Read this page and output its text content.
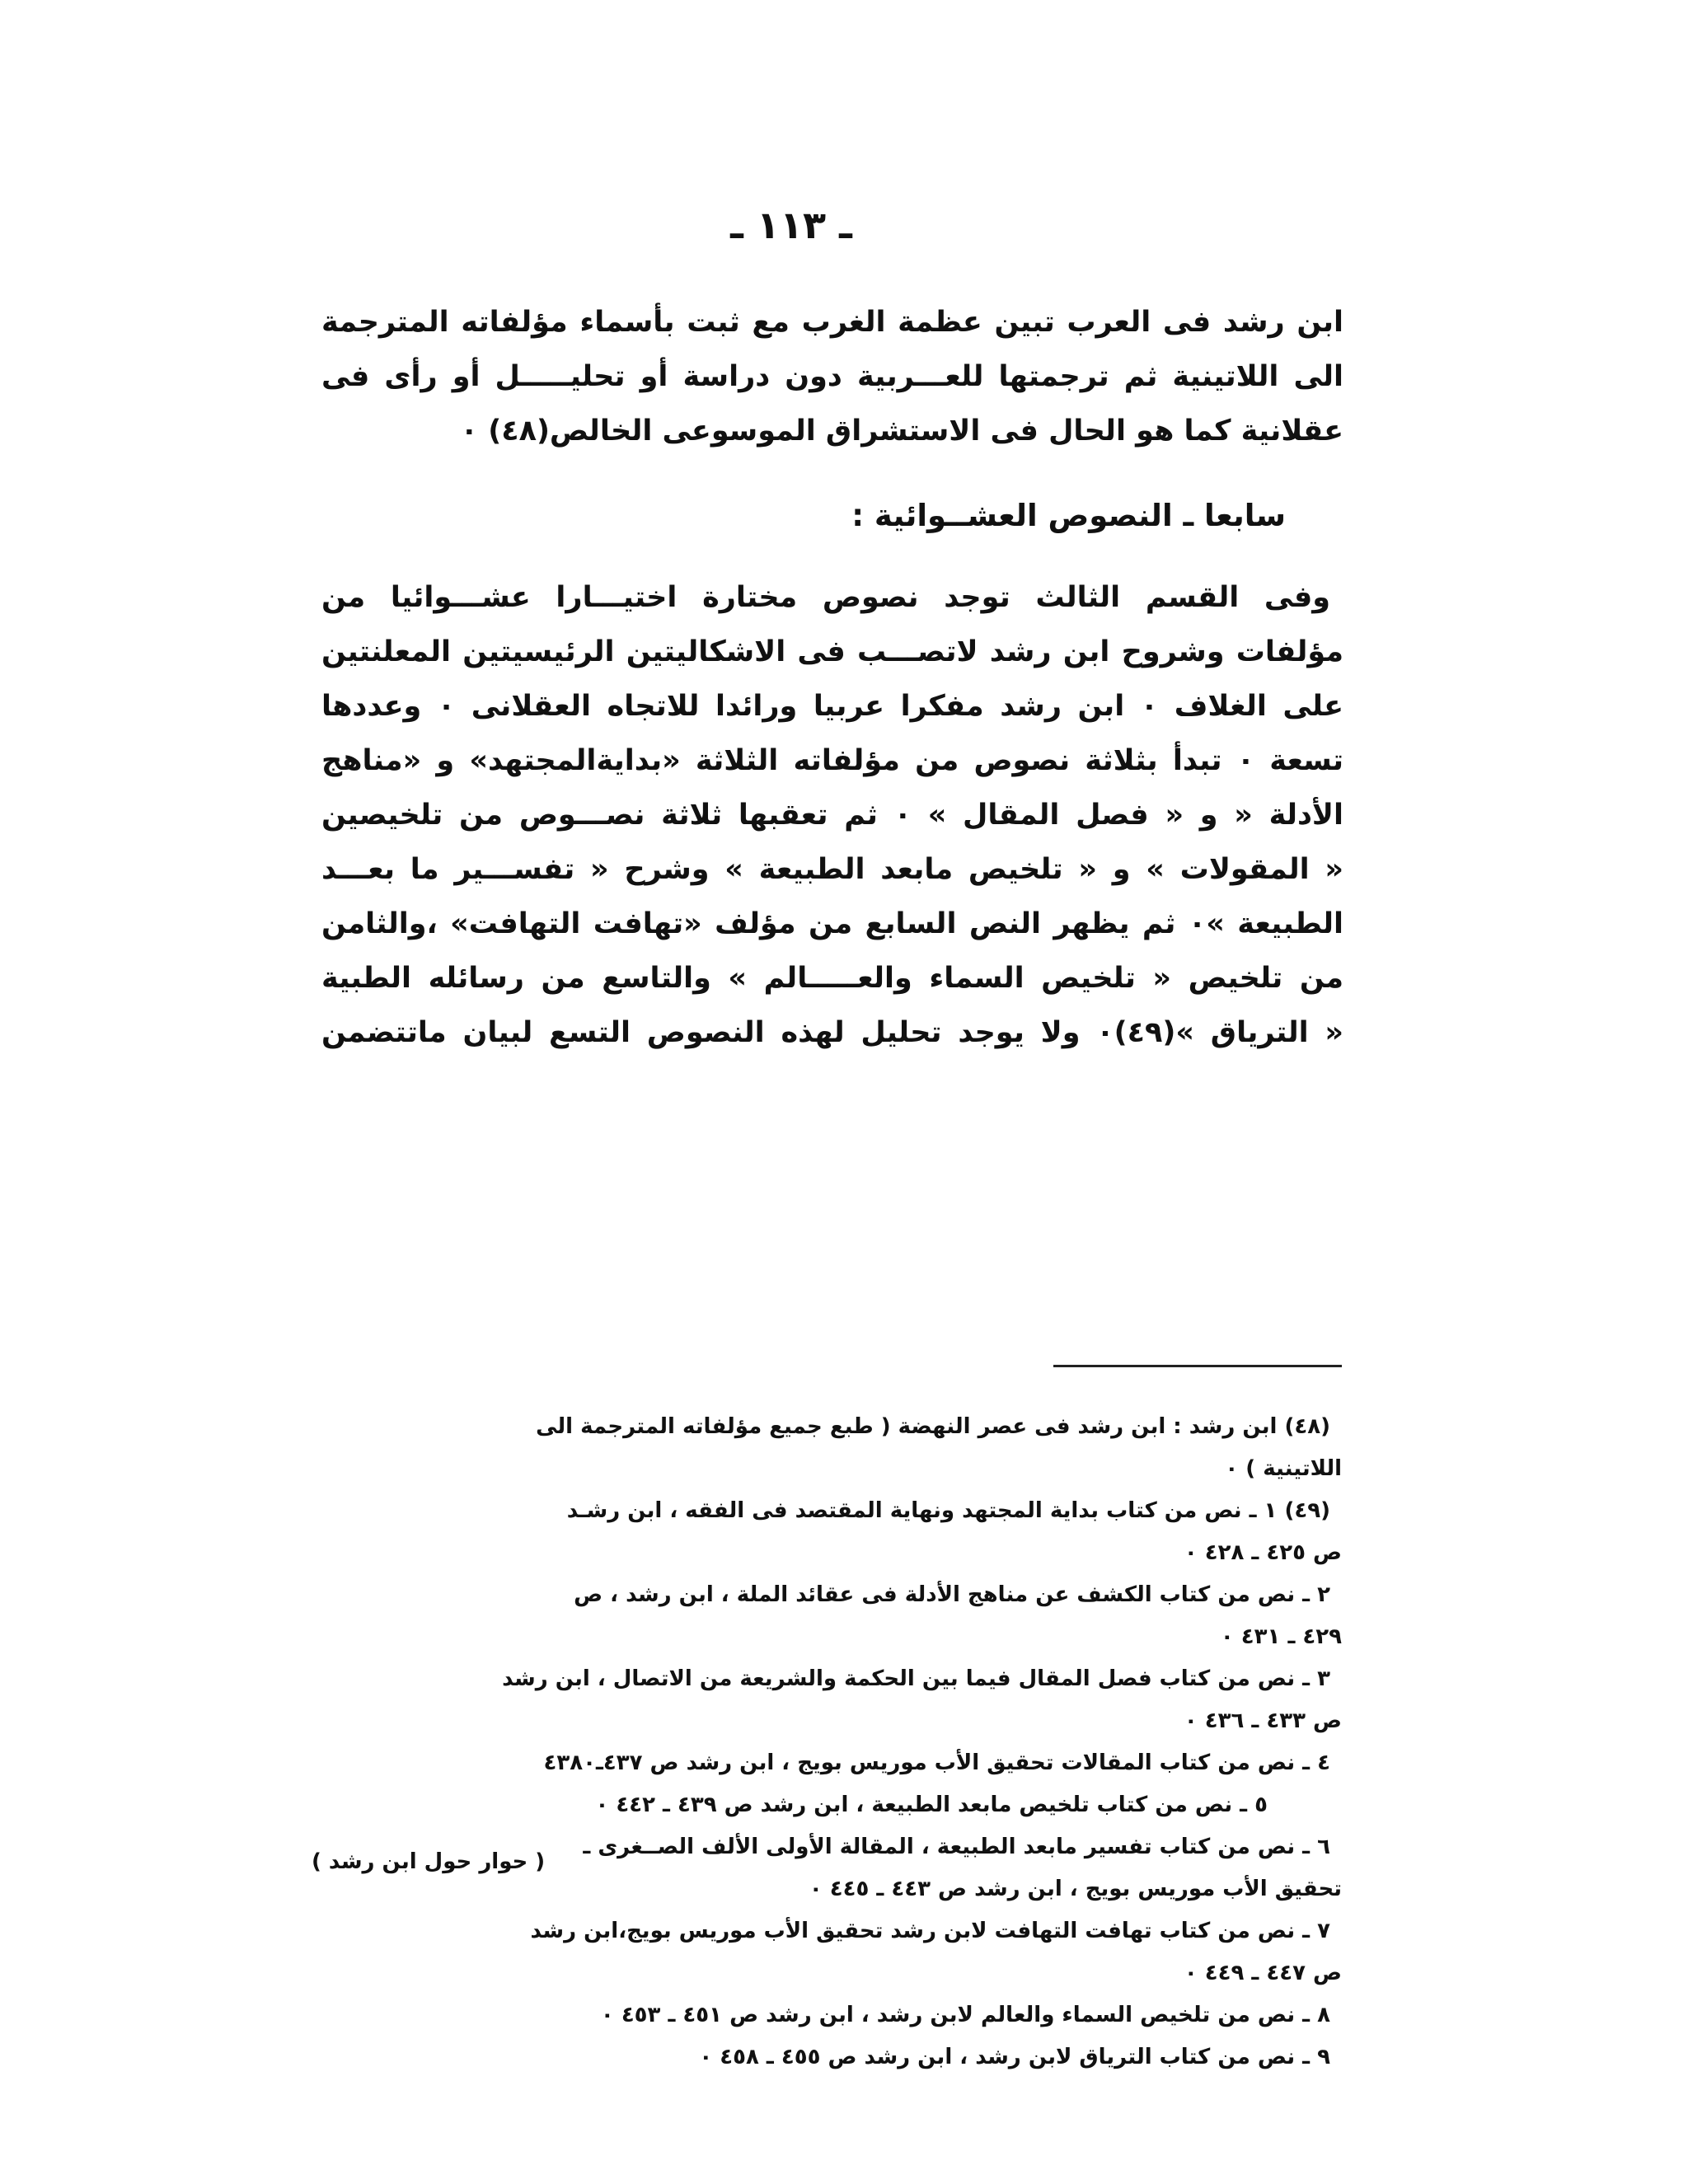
ـ ١١٣ ـ
ابن رشد فى العرب تبين عظمة الغرب مع ثبت بأسماء مؤلفاته المترجمة
الى اللاتينية ثم ترجمتها للعـــربية دون دراسة أو تحليـــــل أو رأى فى
عقلانية كما هو الحال فى الاستشراق الموسوعى الخالص(٤٨) ٠
سابعا ـ النصوص العشــوائية :
وفى القسم الثالث توجد نصوص مختارة اختيـــارا عشـــوائيا من
مؤلفات وشروح ابن رشد لاتصـــب فى الاشكاليتين الرئيسيتين المعلنتين
على الغلاف ٠ ابن رشد مفكرا عربيا ورائدا للاتجاه العقلانى ٠ وعددها
تسعة ٠ تبدأ بثلاثة نصوص من مؤلفاته الثلاثة «بدايةالمجتهد» و «مناهج
الأدلة « و « فصل المقال » ٠ ثم تعقبها ثلاثة نصـــوص من تلخيصين
« المقولات » و « تلخيص مابعد الطبيعة » وشرح « تفســـير ما بعـــد
الطبيعة »٠ ثم يظهر النص السابع من مؤلف «تهافت التهافت» ،والثامن
من تلخيص « تلخيص السماء والعـــــالم » والتاسع من رسائله الطبية
« الترياق »(٤٩)٠ ولا يوجد تحليل لهذه النصوص التسع لبيان ماتتضمن
(٤٨) ابن رشد : ابن رشد فى عصر النهضة ( طبع جميع مؤلفاته المترجمة الى
اللاتينية ) ٠
(٤٩) ١ ـ نص من كتاب بداية المجتهد ونهاية المقتصد فى الفقه ، ابن رشـد
ص ٤٢٥ ـ ٤٢٨ ٠
٢ ـ نص من كتاب الكشف عن مناهج الأدلة فى عقائد الملة ، ابن رشد ، ص
٤٢٩ ـ ٤٣١ ٠
٣ ـ نص من كتاب فصل المقال فيما بين الحكمة والشريعة من الاتصال ، ابن رشد
ص ٤٣٣ ـ ٤٣٦ ٠
٤ ـ نص من كتاب المقالات تحقيق الأب موريس بويج ، ابن رشد ص ٤٣٧ـ٤٣٨٠
٥ ـ نص من كتاب تلخيص مابعد الطبيعة ، ابن رشد ص ٤٣٩ ـ ٤٤٢ ٠
٦ ـ نص من كتاب تفسير مابعد الطبيعة ، المقالة الأولى الألف الصــغرى ـ
تحقيق الأب موريس بويج ، ابن رشد ص ٤٤٣ ـ ٤٤٥ ٠
٧ ـ نص من كتاب تهافت التهافت لابن رشد تحقيق الأب موريس بويج،ابن رشد
ص ٤٤٧ ـ ٤٤٩ ٠
٨ ـ نص من تلخيص السماء والعالم لابن رشد ، ابن رشد ص ٤٥١ ـ ٤٥٣ ٠
٩ ـ نص من كتاب الترياق لابن رشد ، ابن رشد ص ٤٥٥ ـ ٤٥٨ ٠
( حوار حول ابن رشد )
